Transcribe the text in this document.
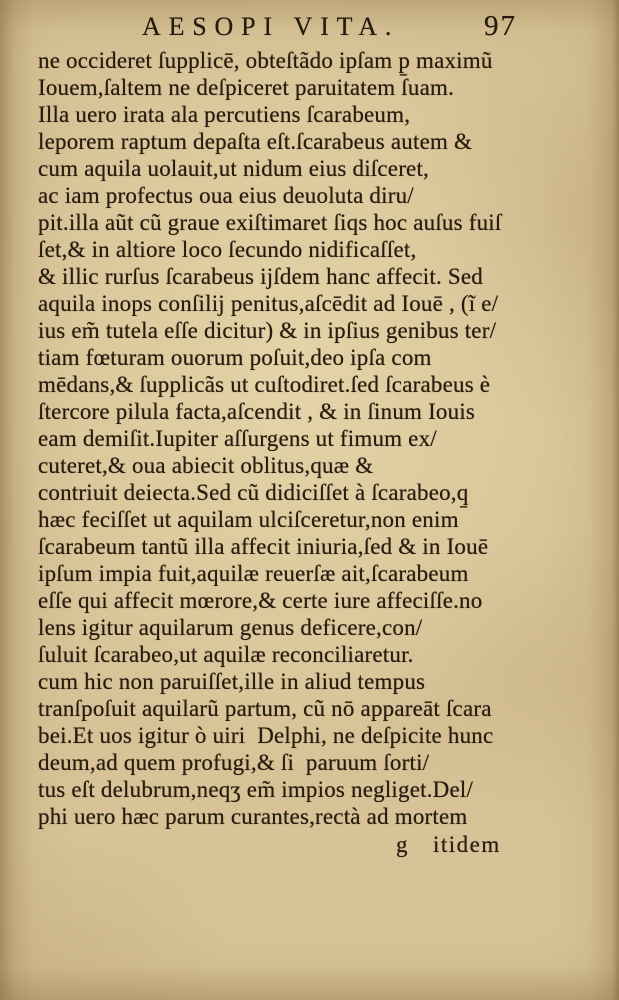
AESOPI VITA.	97
ne occideret ſupplicē, obteſtãdo ipſam p̱ maximũ
Iouem,ſaltem ne deſpiceret paruitatem ſuam.
Illa uero irata ala percutiens ſcarabeum,
leporem raptum depaſta eſt.ſcarabeus autem &
cum aquila uolauit,ut nidum eius diſceret,
ac iam profectus oua eius deuoluta diru/
pit.illa aũt cũ graue exiſtimaret ſiqs hoc auſus fuiſ
ſet,& in altiore loco ſecundo nidificaſſet,
& illic rurſus ſcarabeus ijſdem hanc affecit. Sed
aquila inops conſilij penitus,aſcēdit ad Iouē , (ĩ e/
ius em̃ tutela eſſe dicitur) & in ipſius genibus ter/
tiam fœturam ouorum poſuit,deo ipſa com
mēdans,& ſupplicãs ut cuſtodiret.ſed ſcarabeus è
ſtercore pilula facta,aſcendit , & in ſinum Iouis
eam demiſit.Iupiter aſſurgens ut fimum ex/
cuteret,& oua abiecit oblitus,quæ &
contriuit deiecta.Sed cũ didiciſſet à ſcarabeo,q̱
hæc feciſſet ut aquilam ulciſceretur,non enim
ſcarabeum tantũ illa affecit iniuria,ſed & in Iouē
ipſum impia fuit,aquilæ reuerſæ ait,ſcarabeum
eſſe qui affecit mœrore,& certe iure affeciſſe.no
lens igitur aquilarum genus deficere,con/
ſuluit ſcarabeo,ut aquilæ reconciliaretur.
cum hic non paruiſſet,ille in aliud tempus
tranſpoſuit aquilarũ partum, cũ nō appareāt ſcara
bei.Et uos igitur ò uiri  Delphi, ne deſpicite hunc
deum,ad quem profugi,& ſi  paruum ſorti/
tus eſt delubrum,neqʒ em̃ impios negliget.Del/
phi uero hæc parum curantes,rectà ad mortem
g itidem
